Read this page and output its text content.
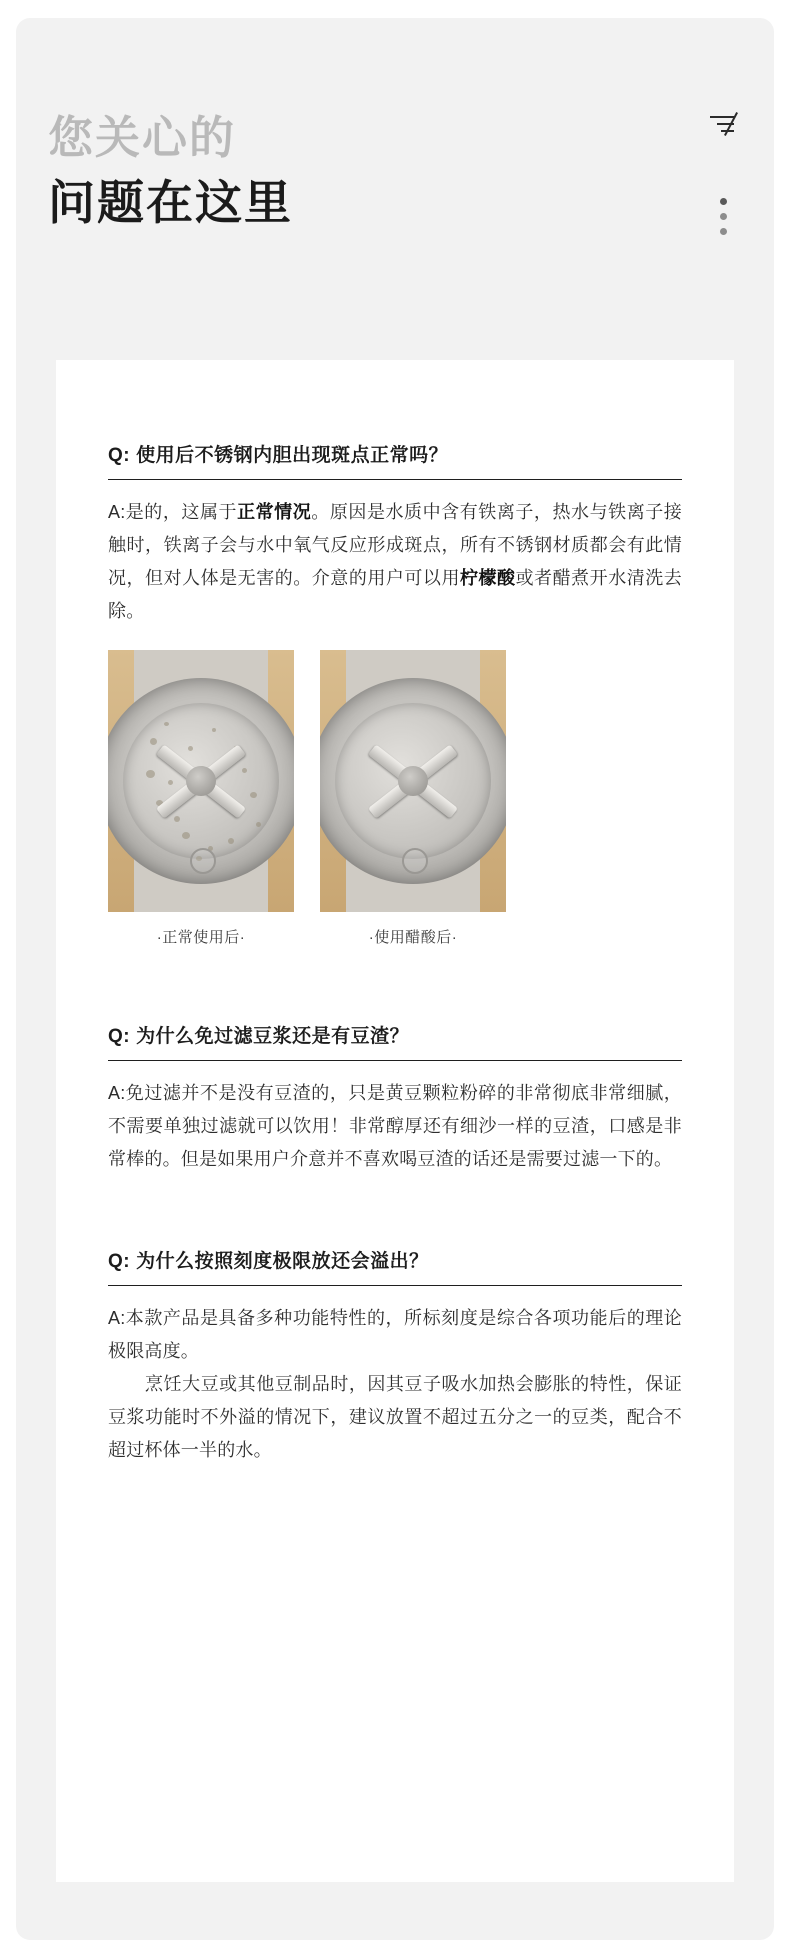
您关心的
问题在这里
Q: 使用后不锈钢内胆出现斑点正常吗？
A:是的，这属于正常情况。原因是水质中含有铁离子，热水与铁离子接触时，铁离子会与水中氧气反应形成斑点，所有不锈钢材质都会有此情况，但对人体是无害的。介意的用户可以用柠檬酸或者醋煮开水清洗去除。
·正常使用后·	·使用醋酸后·
Q: 为什么免过滤豆浆还是有豆渣？
A:免过滤并不是没有豆渣的，只是黄豆颗粒粉碎的非常彻底非常细腻，不需要单独过滤就可以饮用！非常醇厚还有细沙一样的豆渣，口感是非常棒的。但是如果用户介意并不喜欢喝豆渣的话还是需要过滤一下的。
Q: 为什么按照刻度极限放还会溢出？
A:本款产品是具备多种功能特性的，所标刻度是综合各项功能后的理论极限高度。
　　烹饪大豆或其他豆制品时，因其豆子吸水加热会膨胀的特性，保证豆浆功能时不外溢的情况下，建议放置不超过五分之一的豆类，配合不超过杯体一半的水。
